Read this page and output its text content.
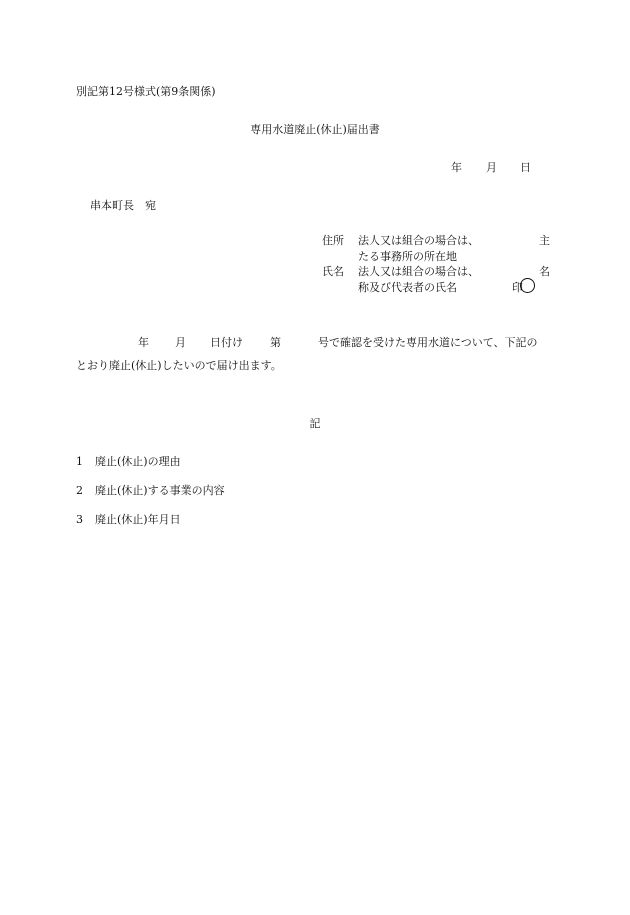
別記第12号様式(第9条関係)
専用水道廃止(休止)届出書
年 月 日
串本町長　宛
住所 法人又は組合の場合は、	主
たる事務所の所在地
氏名 法人又は組合の場合は、	名
称及び代表者の氏名	印
年 月 日付け 第	号で確認を受けた専用水道について、下記の
とおり廃止(休止)したいので届け出ます。
記
1 廃止(休止)の理由
2 廃止(休止)する事業の内容
3 廃止(休止)年月日
